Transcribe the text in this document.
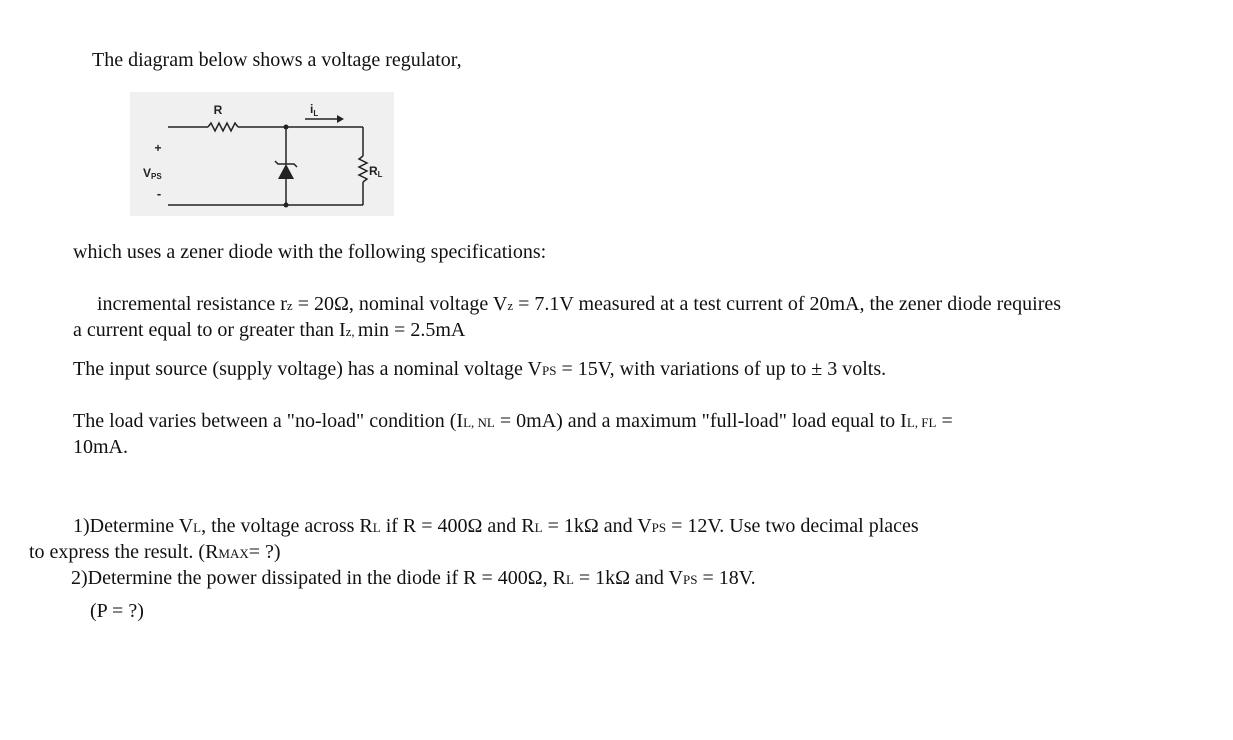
The diagram below shows a voltage regulator,
R	$i_L$
+
VPS
-
RL
which uses a zener diode with the following specifications:
incremental resistance rz = 20Ω, nominal voltage Vz = 7.1V measured at a test current of 20mA, the zener diode requires
a current equal to or greater than Iz, min = 2.5mA
The input source (supply voltage) has a nominal voltage VPS = 15V, with variations of up to ± 3 volts.
The load varies between a "no-load" condition (IL, NL = 0mA) and a maximum "full-load" load equal to IL, FL =
10mA.
1)Determine VL, the voltage across RL if R = 400Ω and RL = 1kΩ and VPS = 12V. Use two decimal places
to express the result. (RMAX= ?)
2)Determine the power dissipated in the diode if R = 400Ω, RL = 1kΩ and VPS = 18V.
(P = ?)
